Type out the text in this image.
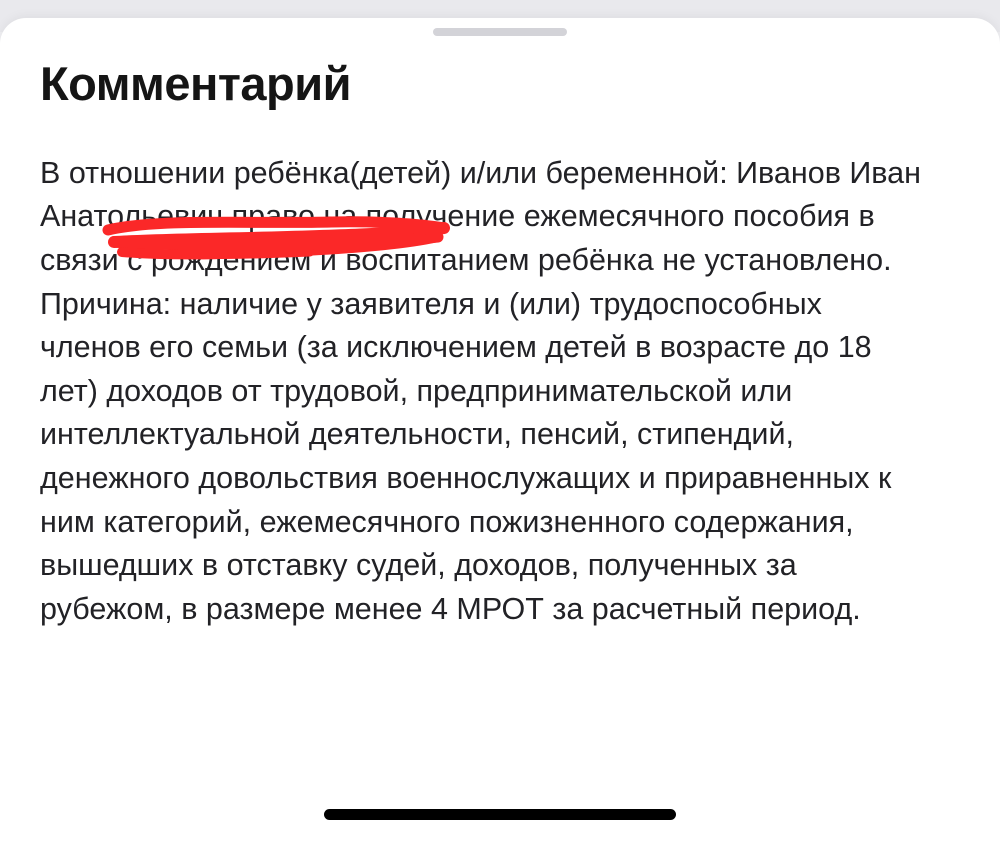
Комментарий

В отношении ребёнка(детей) и/или беременной: Иванов Иван Анатольевич право на получение ежемесячного пособия в связи с рождением и воспитанием ребёнка не установлено. Причина: наличие у заявителя и (или) трудоспособных членов его семьи (за исключением детей в возрасте до 18 лет) доходов от трудовой, предпринимательской или интеллектуальной деятельности, пенсий, стипендий, денежного довольствия военнослужащих и приравненных к ним категорий, ежемесячного пожизненного содержания, вышедших в отставку судей, доходов, полученных за рубежом, в размере менее 4 МРОТ за расчетный период.
